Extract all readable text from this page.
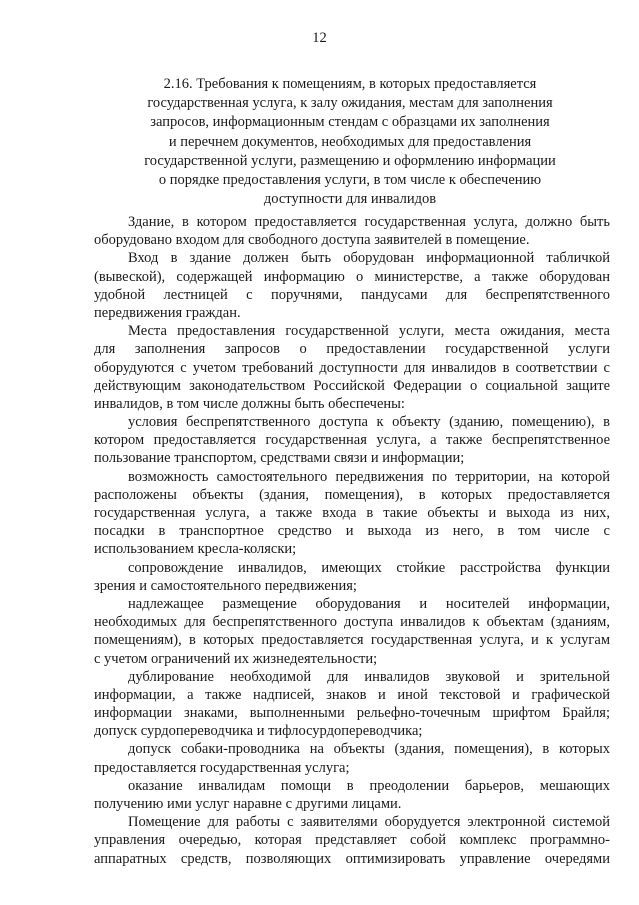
12
2.16. Требования к помещениям, в которых предоставляется
государственная услуга, к залу ожидания, местам для заполнения
запросов, информационным стендам с образцами их заполнения
и перечнем документов, необходимых для предоставления
государственной услуги, размещению и оформлению информации
о порядке предоставления услуги, в том числе к обеспечению
доступности для инвалидов
Здание, в котором предоставляется государственная услуга, должно быть
оборудовано входом для свободного доступа заявителей в помещение.
Вход в здание должен быть оборудован информационной табличкой
(вывеской), содержащей информацию о министерстве, а также оборудован
удобной лестницей с поручнями, пандусами для беспрепятственного
передвижения граждан.
Места предоставления государственной услуги, места ожидания, места
для заполнения запросов о предоставлении государственной услуги
оборудуются с учетом требований доступности для инвалидов в соответствии с
действующим законодательством Российской Федерации о социальной защите
инвалидов, в том числе должны быть обеспечены:
условия беспрепятственного доступа к объекту (зданию, помещению), в
котором предоставляется государственная услуга, а также беспрепятственное
пользование транспортом, средствами связи и информации;
возможность самостоятельного передвижения по территории, на которой
расположены объекты (здания, помещения), в которых предоставляется
государственная услуга, а также входа в такие объекты и выхода из них,
посадки в транспортное средство и выхода из него, в том числе с
использованием кресла-коляски;
сопровождение инвалидов, имеющих стойкие расстройства функции
зрения и самостоятельного передвижения;
надлежащее размещение оборудования и носителей информации,
необходимых для беспрепятственного доступа инвалидов к объектам (зданиям,
помещениям), в которых предоставляется государственная услуга, и к услугам
с учетом ограничений их жизнедеятельности;
дублирование необходимой для инвалидов звуковой и зрительной
информации, а также надписей, знаков и иной текстовой и графической
информации знаками, выполненными рельефно-точечным шрифтом Брайля;
допуск сурдопереводчика и тифлосурдопереводчика;
допуск собаки-проводника на объекты (здания, помещения), в которых
предоставляется государственная услуга;
оказание инвалидам помощи в преодолении барьеров, мешающих
получению ими услуг наравне с другими лицами.
Помещение для работы с заявителями оборудуется электронной системой
управления очередью, которая представляет собой комплекс программно-
аппаратных средств, позволяющих оптимизировать управление очередями
